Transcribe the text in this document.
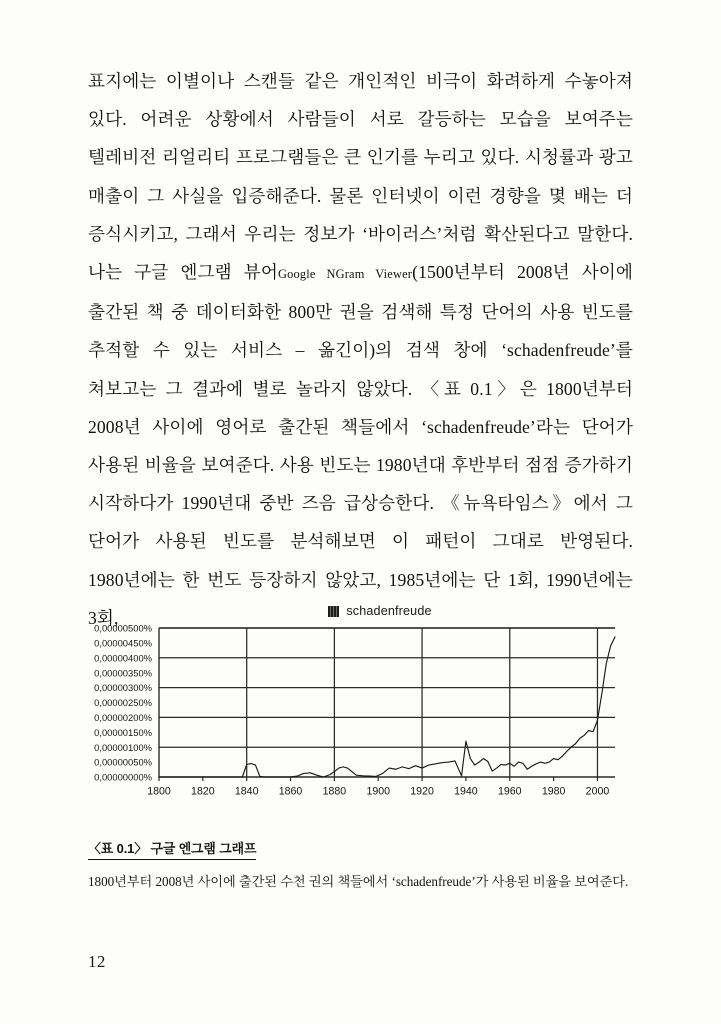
표지에는 이별이나 스캔들 같은 개인적인 비극이 화려하게 수놓아져 있다. 어려운 상황에서 사람들이 서로 갈등하는 모습을 보여주는 텔레비전 리얼리티 프로그램들은 큰 인기를 누리고 있다. 시청률과 광고 매출이 그 사실을 입증해준다. 물론 인터넷이 이런 경향을 몇 배는 더 증식시키고, 그래서 우리는 정보가 ‘바이러스’처럼 확산된다고 말한다. 나는 구글 엔그램 뷰어Google NGram Viewer(1500년부터 2008년 사이에 출간된 책 중 데이터화한 800만 권을 검색해 특정 단어의 사용 빈도를 추적할 수 있는 서비스 – 옮긴이)의 검색 창에 ‘schadenfreude’를 쳐보고는 그 결과에 별로 놀라지 않았다. 〈표 0.1〉은 1800년부터 2008년 사이에 영어로 출간된 책들에서 ‘schadenfreude’라는 단어가 사용된 비율을 보여준다. 사용 빈도는 1980년대 후반부터 점점 증가하기 시작하다가 1990년대 중반 즈음 급상승한다. 《뉴욕타임스》에서 그 단어가 사용된 빈도를 분석해보면 이 패턴이 그대로 반영된다. 1980년에는 한 번도 등장하지 않았고, 1985년에는 단 1회, 1990년에는 3회,	schadenfreude
0,00000000%
0,00000050%
0,00000100%
0,00000150%
0,00000200%
0,00000250%
0,00000300%
0,00000350%
0,00000400%
0,00000450%
0,00000500%
1800 1820 1840 1860 1880 1900 1920 1940 1960 1980 2000
〈표 0.1〉 구글 엔그램 그래프

1800년부터 2008년 사이에 출간된 수천 권의 책들에서 ‘schadenfreude’가 사용된 비율을 보여준다.

12
